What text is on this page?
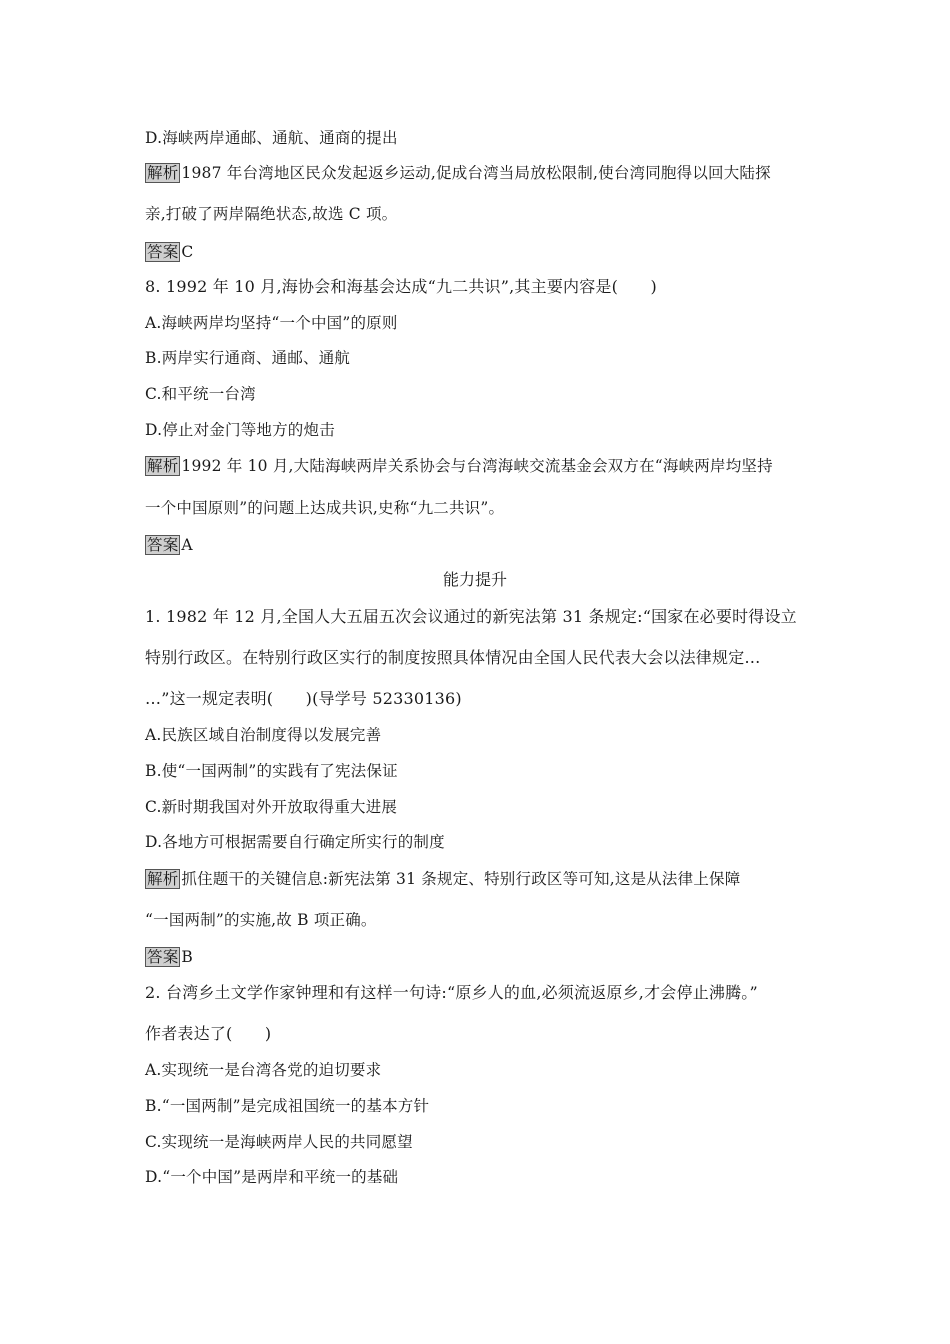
D.海峡两岸通邮、通航、通商的提出
解析 1987 年台湾地区民众发起返乡运动,促成台湾当局放松限制,使台湾同胞得以回大陆探
亲,打破了两岸隔绝状态,故选 C 项。
答案 C
8. 1992 年 10 月,海协会和海基会达成“九二共识”,其主要内容是(　　)
A.海峡两岸均坚持“一个中国”的原则
B.两岸实行通商、通邮、通航
C.和平统一台湾
D.停止对金门等地方的炮击
解析 1992 年 10 月,大陆海峡两岸关系协会与台湾海峡交流基金会双方在“海峡两岸均坚持
一个中国原则”的问题上达成共识,史称“九二共识”。
答案 A
能力提升
1. 1982 年 12 月,全国人大五届五次会议通过的新宪法第 31 条规定:“国家在必要时得设立
特别行政区。在特别行政区实行的制度按照具体情况由全国人民代表大会以法律规定…
…”这一规定表明(　　)(导学号 52330136)
A.民族区域自治制度得以发展完善
B.使“一国两制”的实践有了宪法保证
C.新时期我国对外开放取得重大进展
D.各地方可根据需要自行确定所实行的制度
解析 抓住题干的关键信息:新宪法第 31 条规定、特别行政区等可知,这是从法律上保障
“一国两制”的实施,故 B 项正确。
答案 B
2. 台湾乡土文学作家钟理和有这样一句诗:“原乡人的血,必须流返原乡,才会停止沸腾。”
作者表达了(　　)
A.实现统一是台湾各党的迫切要求
B.“一国两制”是完成祖国统一的基本方针
C.实现统一是海峡两岸人民的共同愿望
D.“一个中国”是两岸和平统一的基础
